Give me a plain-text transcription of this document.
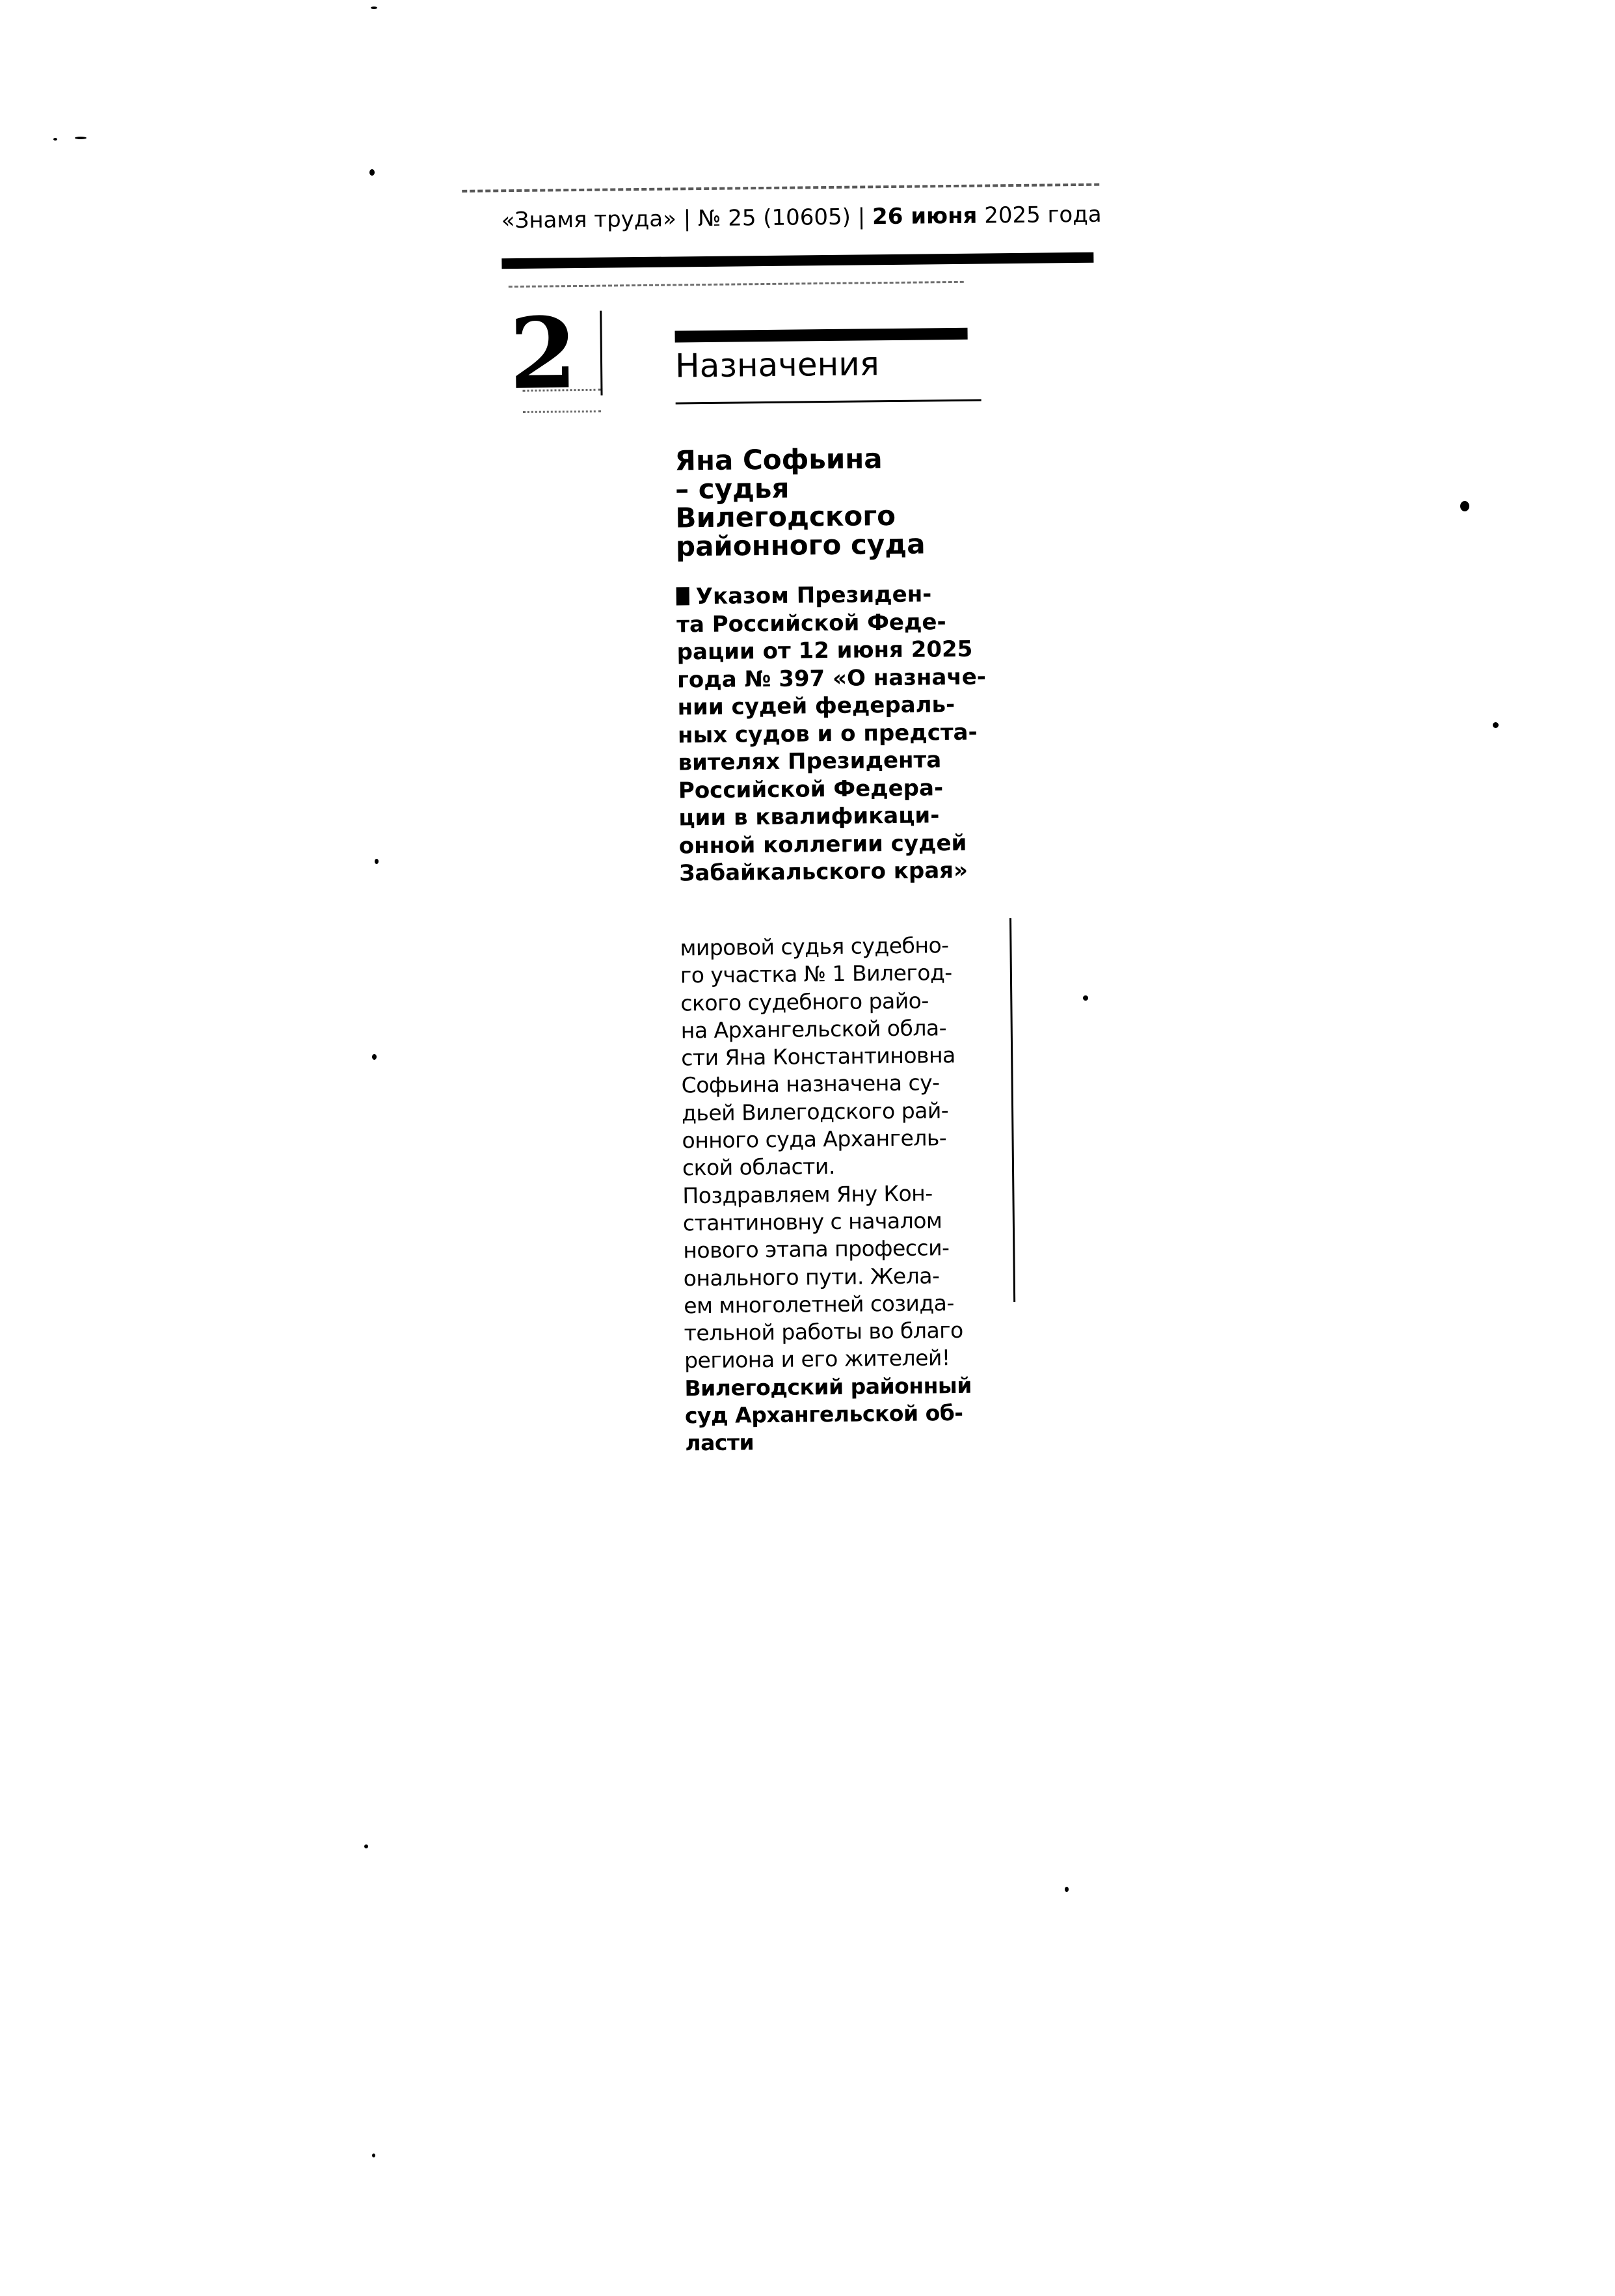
«Знамя труда» | № 25 (10605) | 26 июня 2025 года
2	Назначения
Яна Софьина
– судья
Вилегодского
районного суда
Указом Президен-
та Российской Феде-
рации от 12 июня 2025
года № 397 «О назначе-
нии судей федераль-
ных судов и о предста-
вителях Президента
Российской Федера-
ции в квалификаци-
онной коллегии судей
Забайкальского края»
мировой судья судебно-
го участка № 1 Вилегод-
ского судебного райо-
на Архангельской обла-
сти Яна Константиновна
Софьина назначена су-
дьей Вилегодского рай-
онного суда Архангель-
ской области.
Поздравляем Яну Кон-
стантиновну с началом
нового этапа професси-
онального пути. Жела-
ем многолетней созида-
тельной работы во благо
региона и его жителей!
Вилегодский районный
суд Архангельской об-
ласти
